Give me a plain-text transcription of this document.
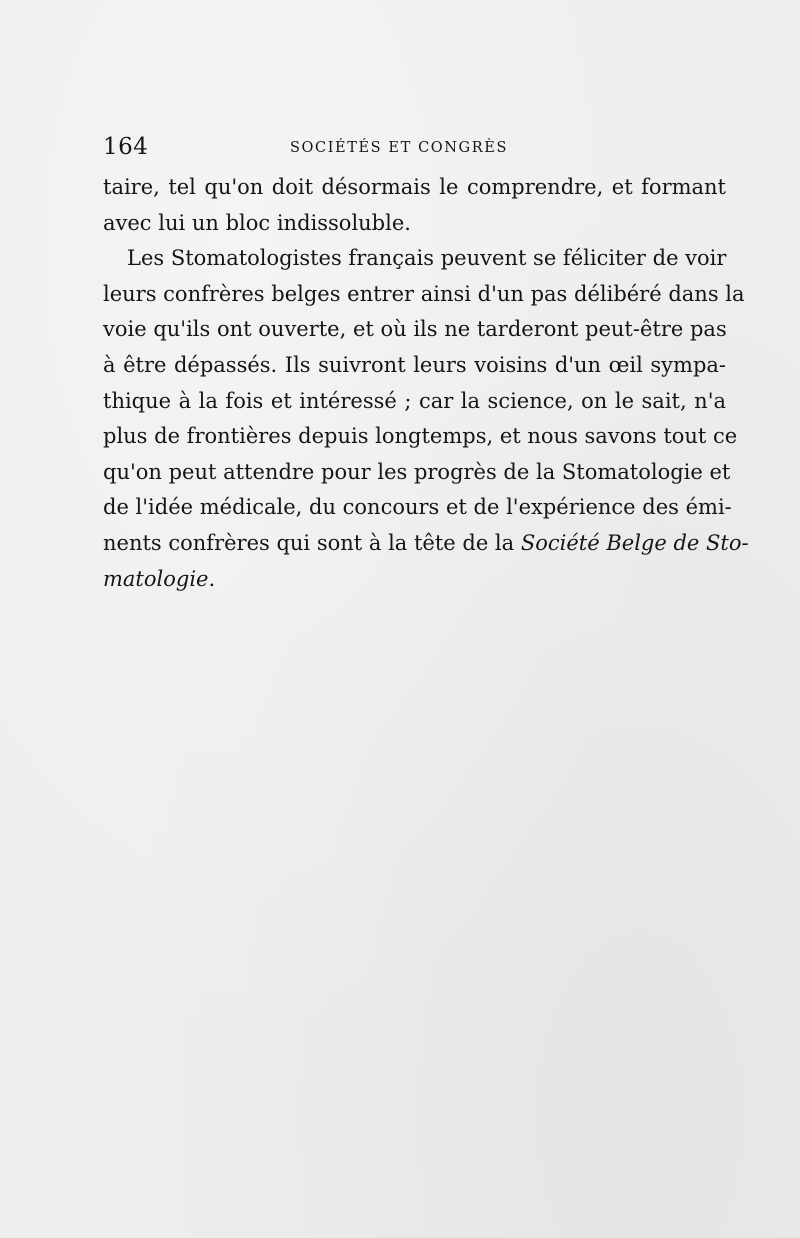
164	SOCIÉTÉS ET CONGRÈS
taire, tel qu'on doit désormais le comprendre, et formant
avec lui un bloc indissoluble.
Les Stomatologistes français peuvent se féliciter de voir
leurs confrères belges entrer ainsi d'un pas délibéré dans la
voie qu'ils ont ouverte, et où ils ne tarderont peut-être pas
à être dépassés. Ils suivront leurs voisins d'un œil sympa-
thique à la fois et intéressé ; car la science, on le sait, n'a
plus de frontières depuis longtemps, et nous savons tout ce
qu'on peut attendre pour les progrès de la Stomatologie et
de l'idée médicale, du concours et de l'expérience des émi-
nents confrères qui sont à la tête de la Société Belge de Sto-
matologie.
